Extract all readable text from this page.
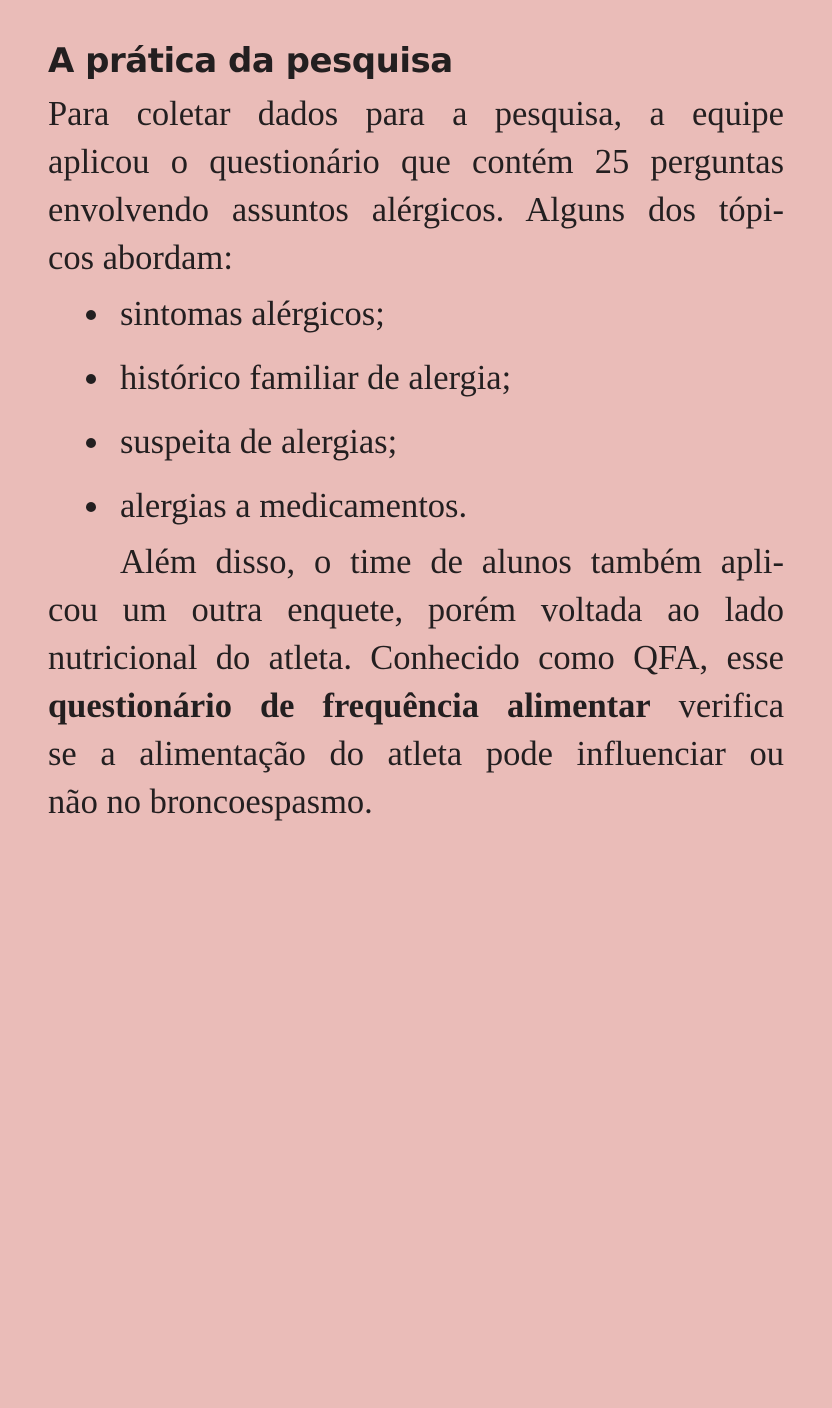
A prática da pesquisa
Para coletar dados para a pesquisa, a equipe
aplicou o questionário que contém 25 perguntas
envolvendo assuntos alérgicos. Alguns dos tópi-
cos abordam:
sintomas alérgicos;
histórico familiar de alergia;
suspeita de alergias;
alergias a medicamentos.
Além disso, o time de alunos também apli-
cou um outra enquete, porém voltada ao lado
nutricional do atleta. Conhecido como QFA, esse
questionário de frequência alimentar verifica
se a alimentação do atleta pode influenciar ou
não no broncoespasmo.
